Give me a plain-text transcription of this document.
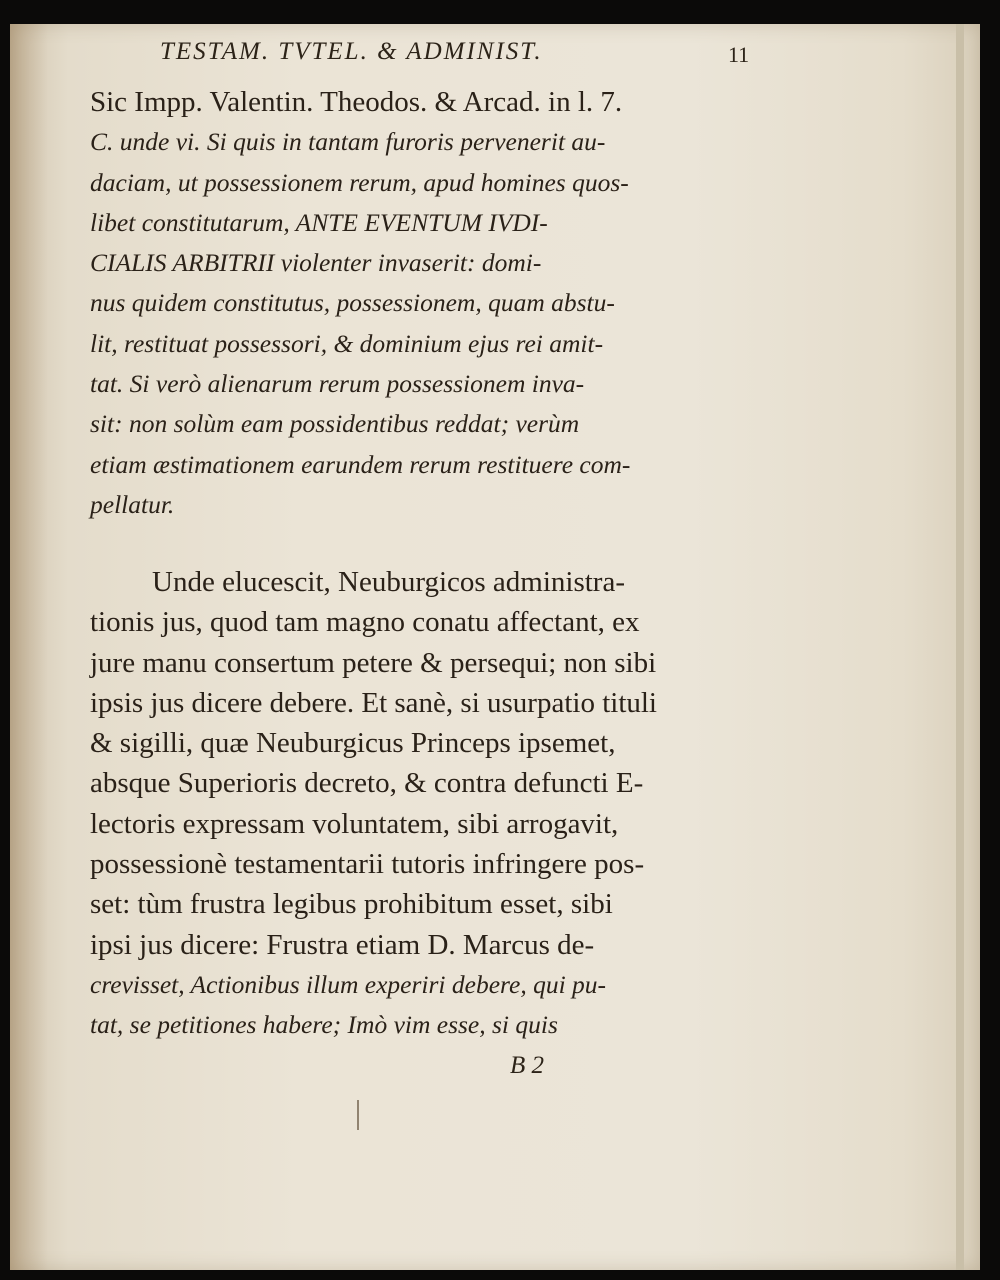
TESTAM. TVTEL. & ADMINIST.	11
Sic Impp. Valentin. Theodos. & Arcad. in l. 7.
C. unde vi. Si quis in tantam furoris pervenerit au-
daciam, ut possessionem rerum, apud homines quos-
libet constitutarum, ANTE EVENTUM IVDI-
CIALIS ARBITRII violenter invaserit: domi-
nus quidem constitutus, possessionem, quam abstu-
lit, restituat possessori, & dominium ejus rei amit-
tat. Si verò alienarum rerum possessionem inva-
sit: non solùm eam possidentibus reddat; verùm
etiam æstimationem earundem rerum restituere com-
pellatur.
Unde elucescit, Neuburgicos administra-
tionis jus, quod tam magno conatu affectant, ex
jure manu consertum petere & persequi; non sibi
ipsis jus dicere debere. Et sanè, si usurpatio tituli
& sigilli, quæ Neuburgicus Princeps ipsemet,
absque Superioris decreto, & contra defuncti E-
lectoris expressam voluntatem, sibi arrogavit,
possessionè testamentarii tutoris infringere pos-
set: tùm frustra legibus prohibitum esset, sibi
ipsi jus dicere: Frustra etiam D. Marcus de-
crevisset, Actionibus illum experiri debere, qui pu-
tat, se petitiones habere; Imò vim esse, si quis
B 2
